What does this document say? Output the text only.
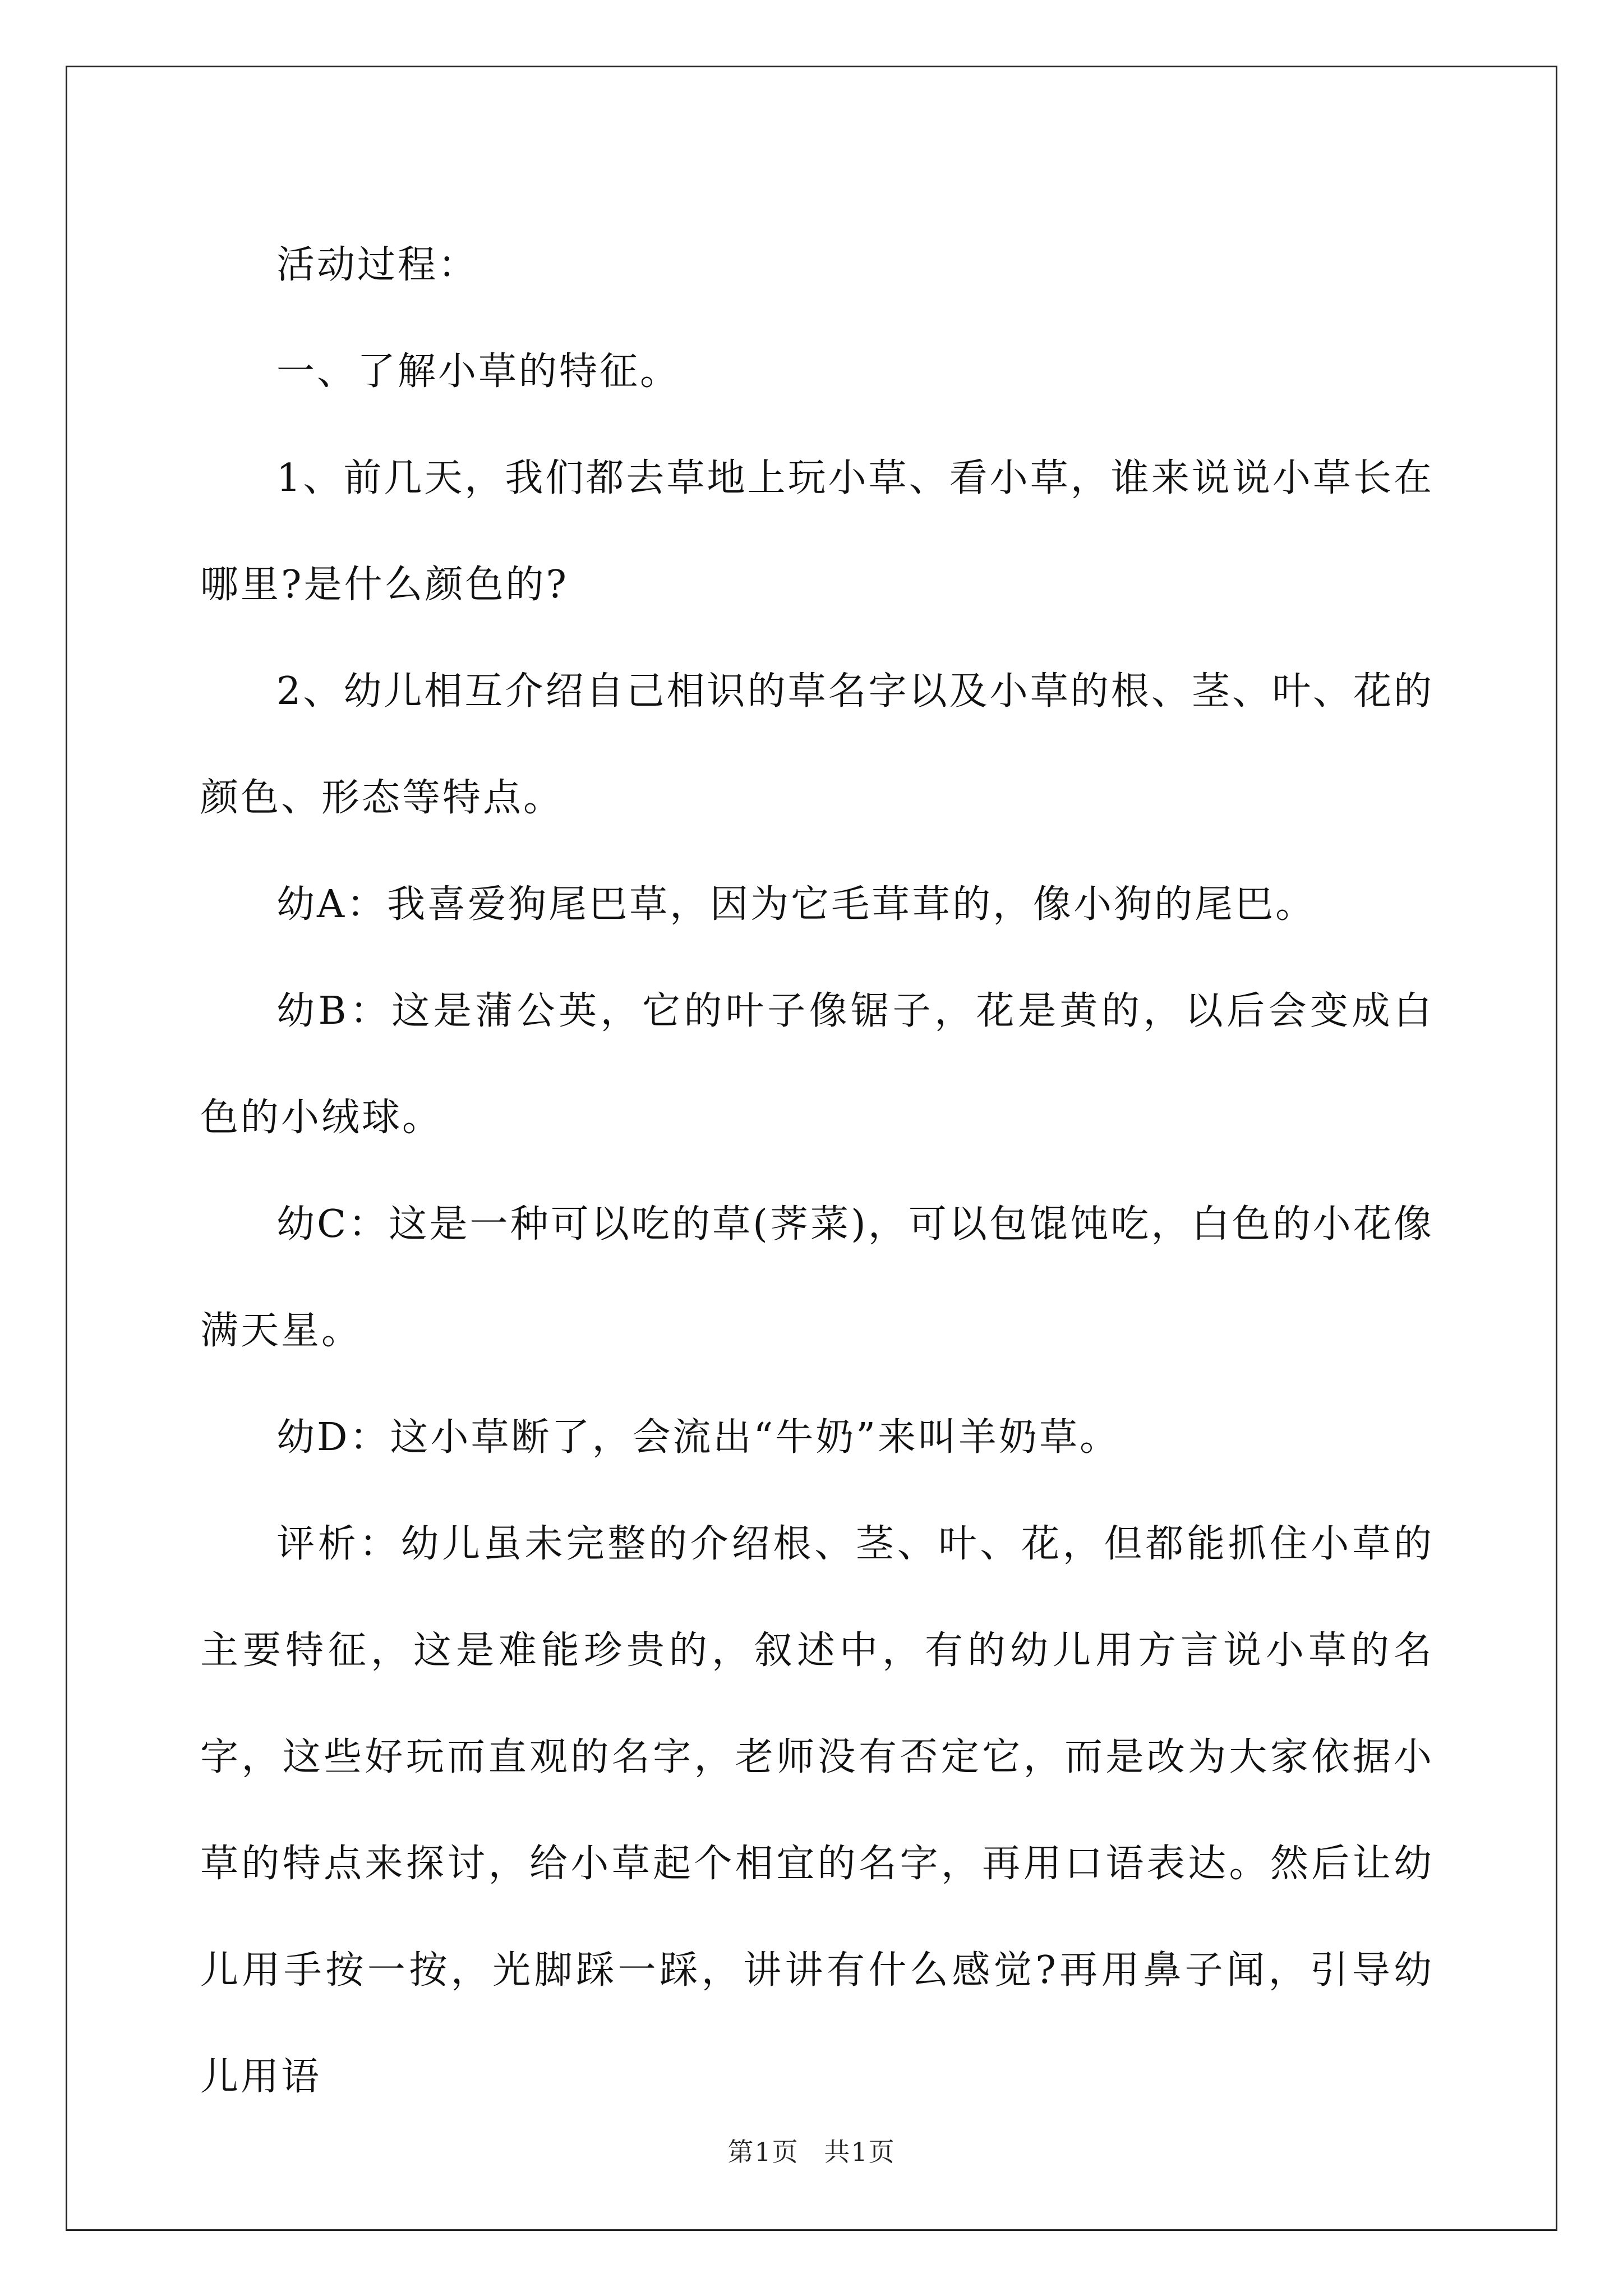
活动过程：

一、了解小草的特征。

1、前几天，我们都去草地上玩小草、看小草，谁来说说小草长在哪里?是什么颜色的?

2、幼儿相互介绍自己相识的草名字以及小草的根、茎、叶、花的颜色、形态等特点。

幼A：我喜爱狗尾巴草，因为它毛茸茸的，像小狗的尾巴。

幼B：这是蒲公英，它的叶子像锯子，花是黄的，以后会变成白色的小绒球。

幼C：这是一种可以吃的草(荠菜)，可以包馄饨吃，白色的小花像满天星。

幼D：这小草断了，会流出“牛奶”来叫羊奶草。

评析：幼儿虽未完整的介绍根、茎、叶、花，但都能抓住小草的主要特征，这是难能珍贵的，叙述中，有的幼儿用方言说小草的名字，这些好玩而直观的名字，老师没有否定它，而是改为大家依据小草的特点来探讨，给小草起个相宜的名字，再用口语表达。然后让幼儿用手按一按，光脚踩一踩，讲讲有什么感觉?再用鼻子闻，引导幼儿用语

第1页 共1页
